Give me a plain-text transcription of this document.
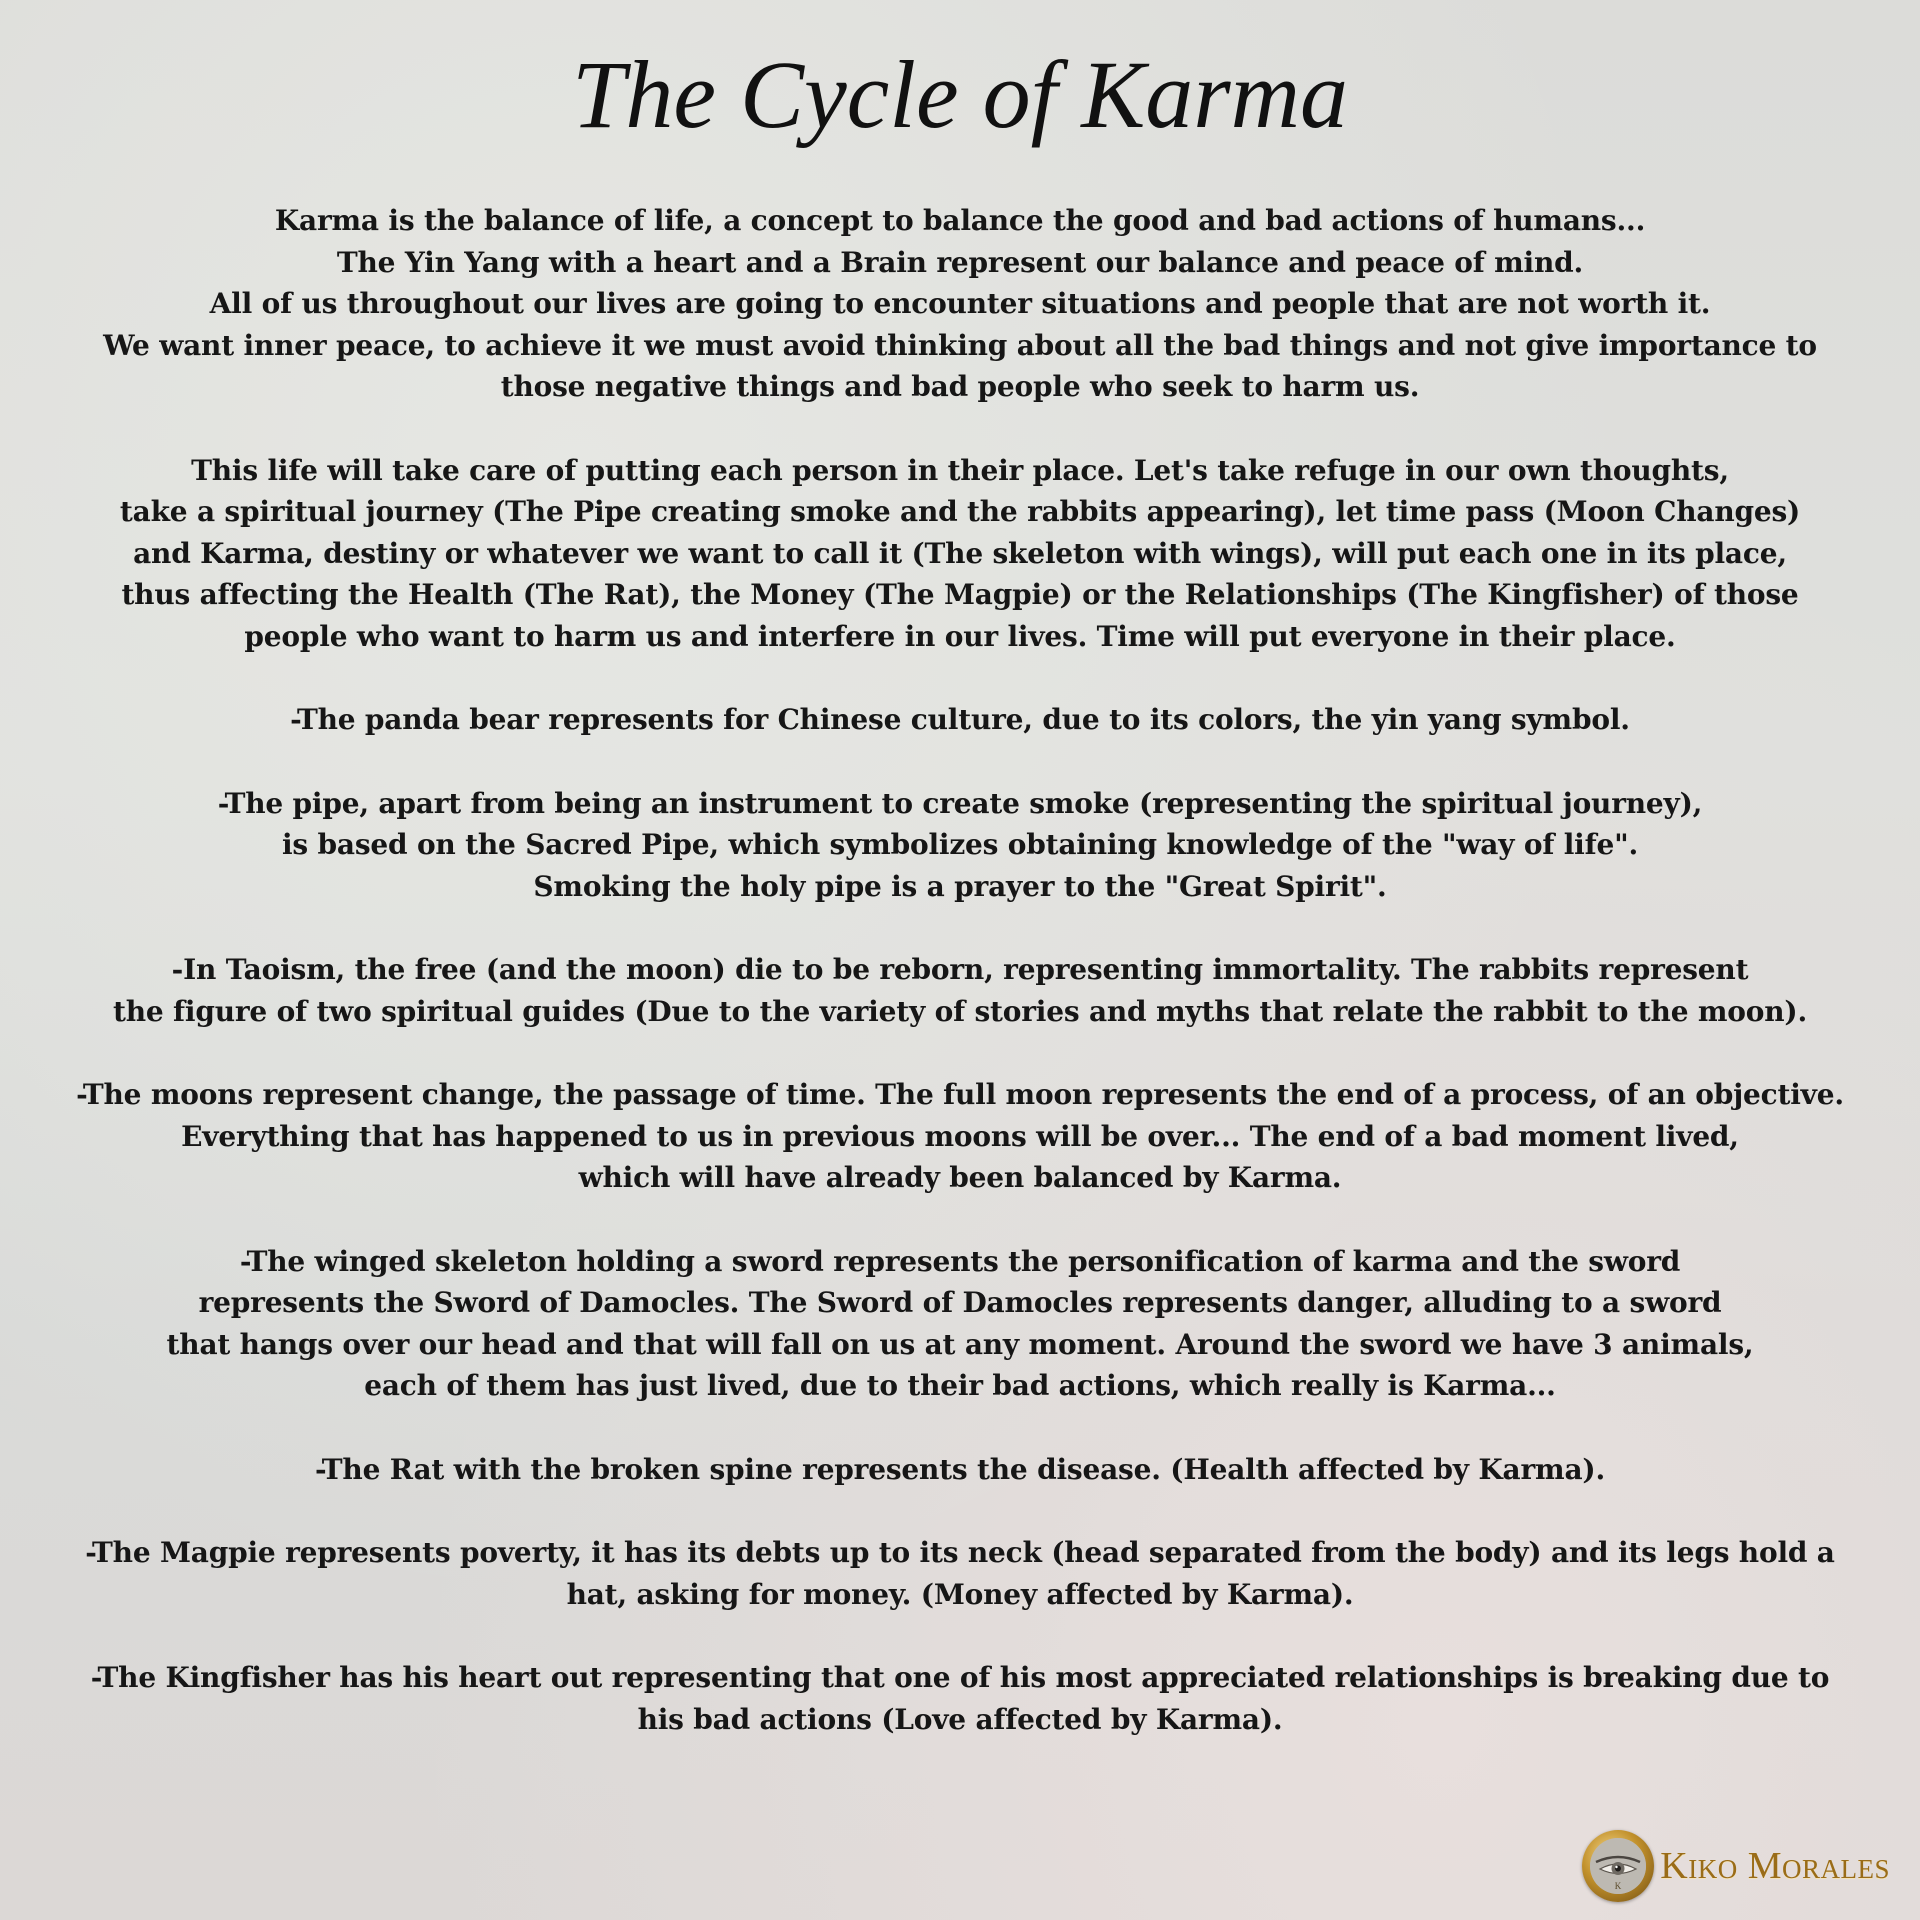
The Cycle of Karma

Karma is the balance of life, a concept to balance the good and bad actions of humans...
The Yin Yang with a heart and a Brain represent our balance and peace of mind.
All of us throughout our lives are going to encounter situations and people that are not worth it.
We want inner peace, to achieve it we must avoid thinking about all the bad things and not give importance to
those negative things and bad people who seek to harm us.

This life will take care of putting each person in their place. Let's take refuge in our own thoughts,
take a spiritual journey (The Pipe creating smoke and the rabbits appearing), let time pass (Moon Changes)
and Karma, destiny or whatever we want to call it (The skeleton with wings), will put each one in its place,
thus affecting the Health (The Rat), the Money (The Magpie) or the Relationships (The Kingfisher) of those
people who want to harm us and interfere in our lives. Time will put everyone in their place.

-The panda bear represents for Chinese culture, due to its colors, the yin yang symbol.

-The pipe, apart from being an instrument to create smoke (representing the spiritual journey),
is based on the Sacred Pipe, which symbolizes obtaining knowledge of the "way of life".
Smoking the holy pipe is a prayer to the "Great Spirit".

-In Taoism, the free (and the moon) die to be reborn, representing immortality. The rabbits represent
the figure of two spiritual guides (Due to the variety of stories and myths that relate the rabbit to the moon).

-The moons represent change, the passage of time. The full moon represents the end of a process, of an objective.
Everything that has happened to us in previous moons will be over... The end of a bad moment lived,
which will have already been balanced by Karma.

-The winged skeleton holding a sword represents the personification of karma and the sword
represents the Sword of Damocles. The Sword of Damocles represents danger, alluding to a sword
that hangs over our head and that will fall on us at any moment. Around the sword we have 3 animals,
each of them has just lived, due to their bad actions, which really is Karma...

-The Rat with the broken spine represents the disease. (Health affected by Karma).

-The Magpie represents poverty, it has its debts up to its neck (head separated from the body) and its legs hold a
hat, asking for money. (Money affected by Karma).

-The Kingfisher has his heart out representing that one of his most appreciated relationships is breaking due to
his bad actions (Love affected by Karma).

K Kiko Morales
